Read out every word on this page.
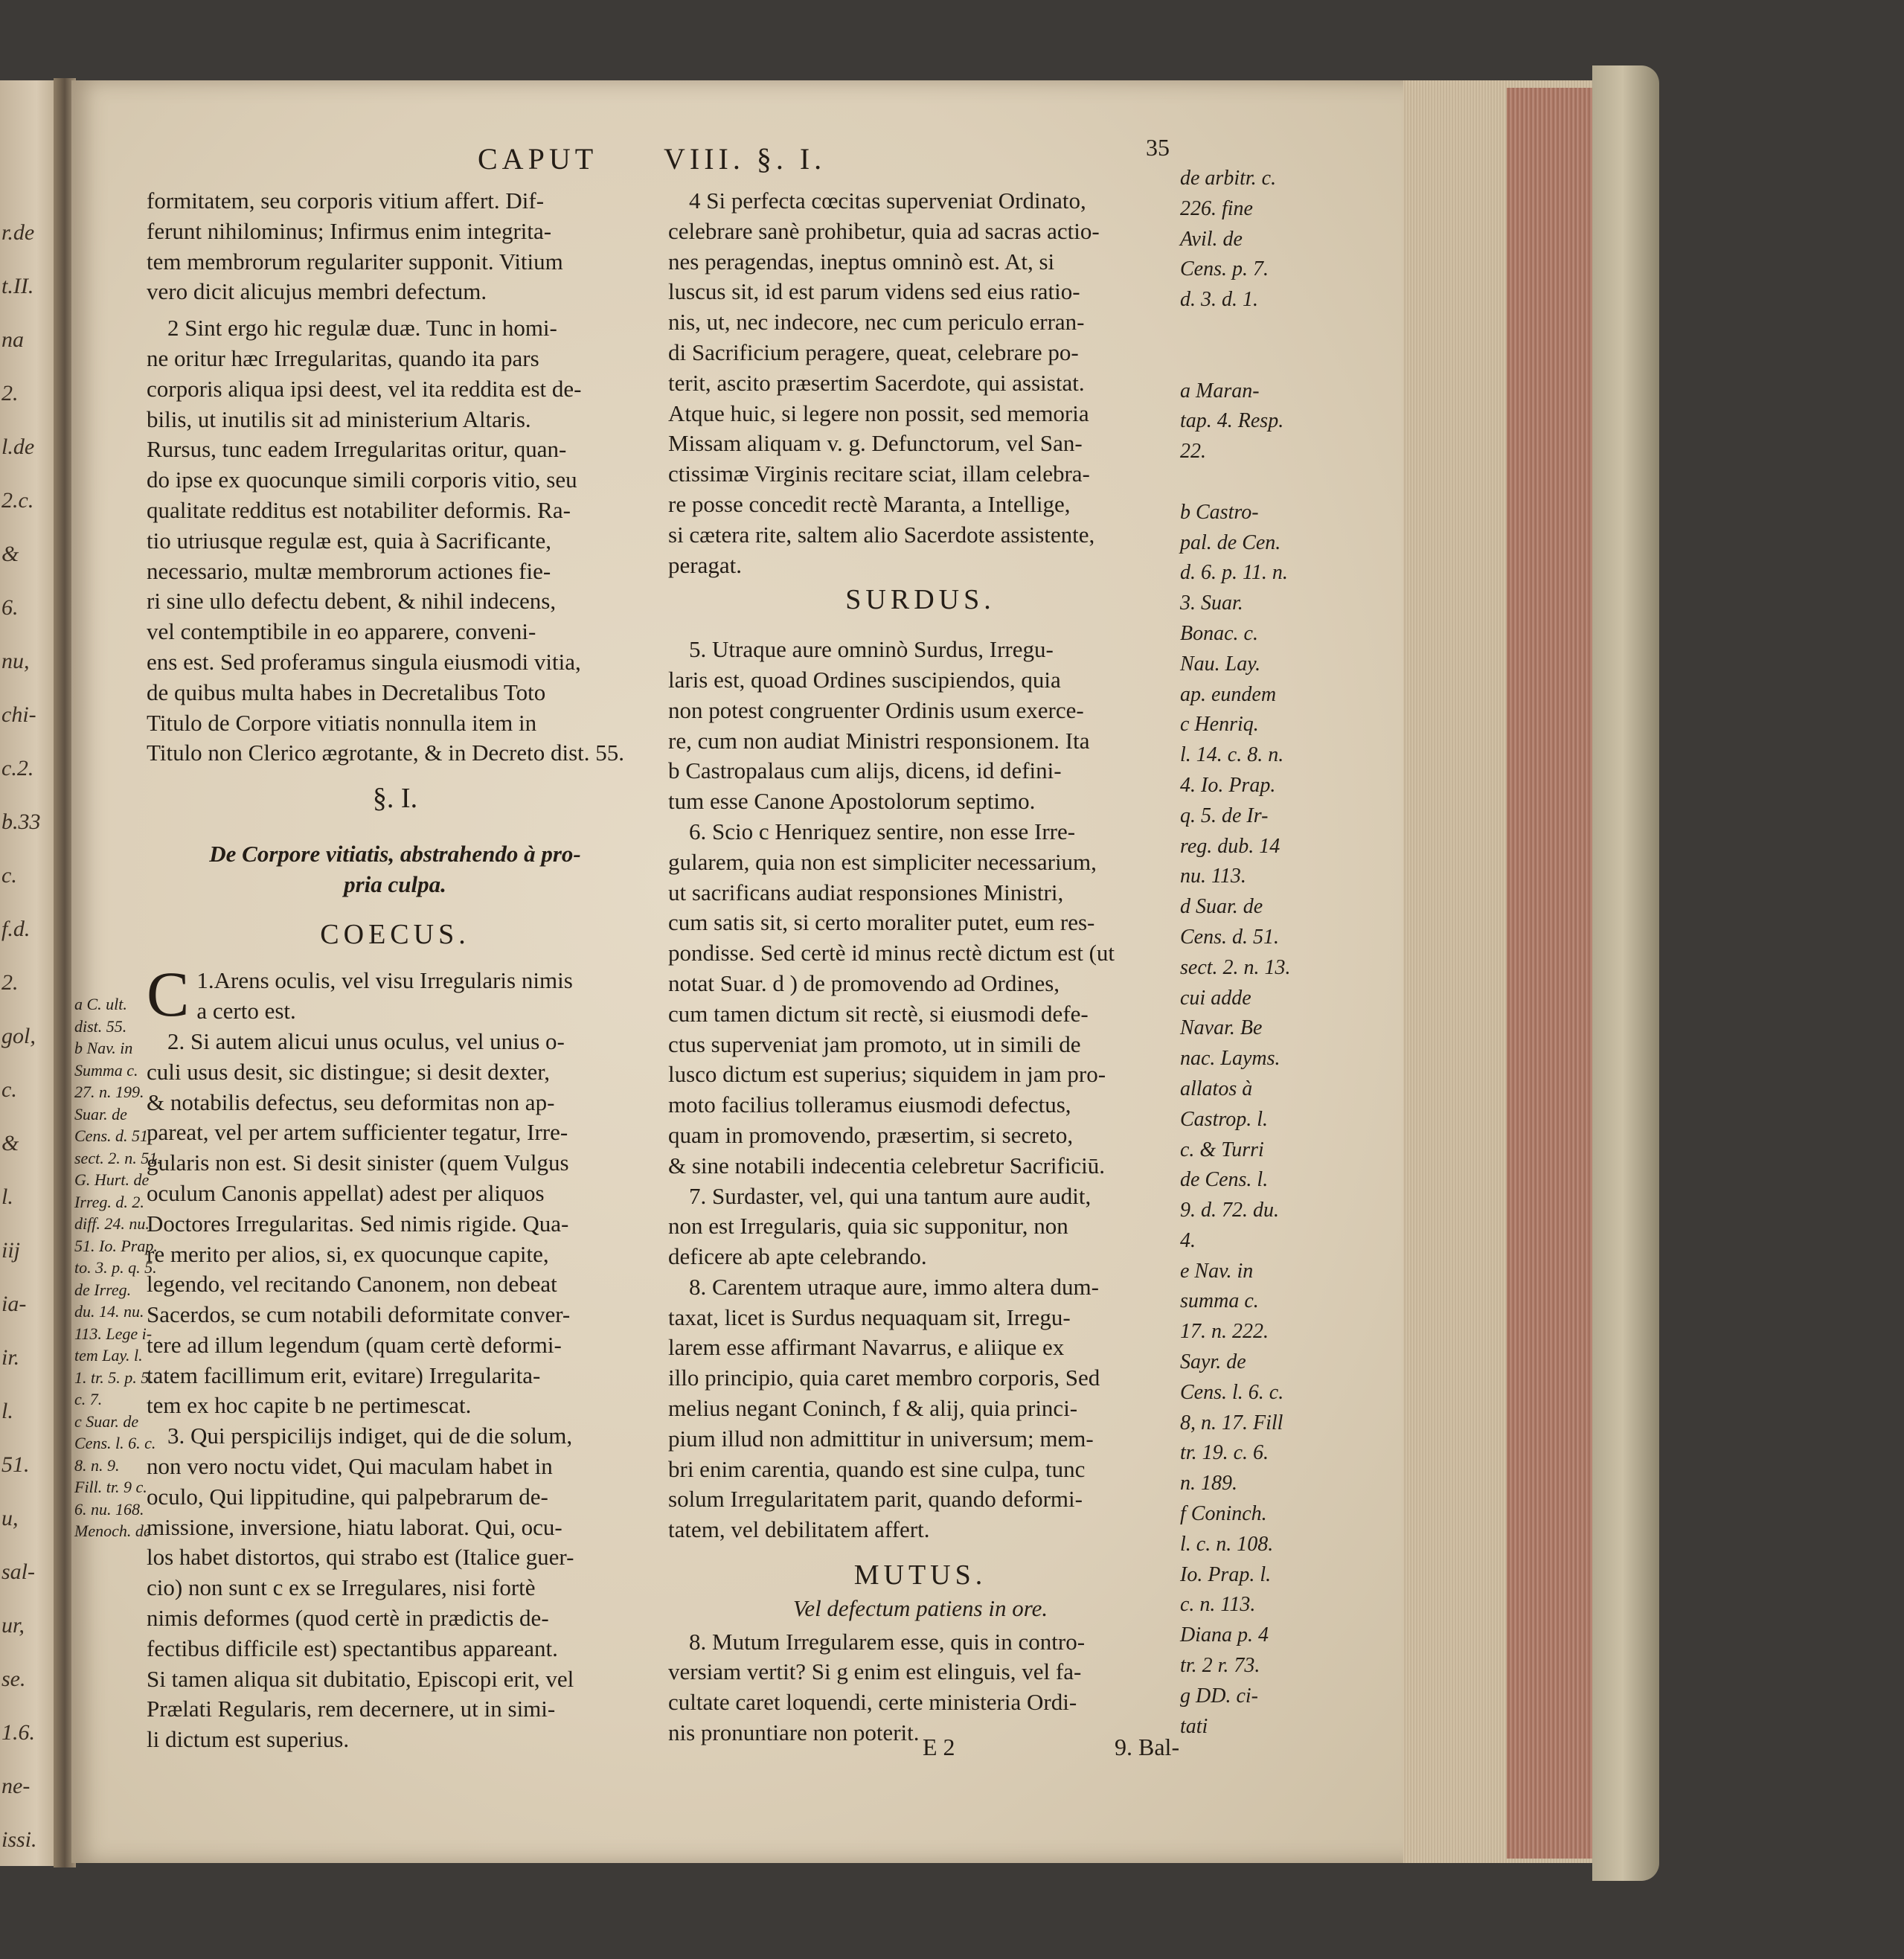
r.de
t.II.
na
2.
l.de
2.c.
&
6.
nu,
chi-
c.2.
b.33
c.
f.d.
2.
gol,
c.
&
l.
iij
ia-
ir.
l.
51.
u,
sal-
ur,
se.
1.6.
ne-
issi.
CAPUT VIII. §. I.	35

formitatem, seu corporis vitium affert. Dif-
ferunt nihilominus; Infirmus enim integrita-
tem membrorum regulariter supponit. Vitium
vero dicit alicujus membri defectum.

2 Sint ergo hic regulæ duæ. Tunc in homi-
ne oritur hæc Irregularitas, quando ita pars
corporis aliqua ipsi deest, vel ita reddita est de-
bilis, ut inutilis sit ad ministerium Altaris.
Rursus, tunc eadem Irregularitas oritur, quan-
do ipse ex quocunque simili corporis vitio, seu
qualitate redditus est notabiliter deformis. Ra-
tio utriusque regulæ est, quia à Sacrificante,
necessario, multæ membrorum actiones fie-
ri sine ullo defectu debent, & nihil indecens,
vel contemptibile in eo apparere, conveni-
ens est. Sed proferamus singula eiusmodi vitia,
de quibus multa habes in Decretalibus Toto
Titulo de Corpore vitiatis nonnulla item in
Titulo non Clerico ægrotante, & in Decreto dist. 55.

§. I.
De Corpore vitiatis, abstrahendo à pro-
pria culpa.
COECUS.

1.
C Arens oculis, vel visu Irregularis nimis
a certo est.

2. Si autem alicui unus oculus, vel unius o-
culi usus desit, sic distingue; si desit dexter,
& notabilis defectus, seu deformitas non ap-
pareat, vel per artem sufficienter tegatur, Irre-
gularis non est. Si desit sinister (quem Vulgus
oculum Canonis appellat) adest per aliquos
Doctores Irregularitas. Sed nimis rigide. Qua-
re merito per alios, si, ex quocunque capite,
legendo, vel recitando Canonem, non debeat
Sacerdos, se cum notabili deformitate conver-
tere ad illum legendum (quam certè deformi-
tatem facillimum erit, evitare) Irregularita-
tem ex hoc capite b ne pertimescat.

3. Qui perspicilijs indiget, qui de die solum,
non vero noctu videt, Qui maculam habet in
oculo, Qui lippitudine, qui palpebrarum de-
missione, inversione, hiatu laborat. Qui, ocu-
los habet distortos, qui strabo est (Italice guer-
cio) non sunt c ex se Irregulares, nisi fortè
nimis deformes (quod certè in prædictis de-
fectibus difficile est) spectantibus appareant.
Si tamen aliqua sit dubitatio, Episcopi erit, vel
Prælati Regularis, rem decernere, ut in simi-
li dictum est superius.

a C. ult.
dist. 55.
b Nav. in
Summa c.
27. n. 199.
Suar. de
Cens. d. 51.
sect. 2. n. 51.
G. Hurt. de
Irreg. d. 2.
diff. 24. nu.
51. Io. Prap.
to. 3. p. q. 5.
de Irreg.
du. 14. nu.
113. Lege i-
tem Lay. l.
1. tr. 5. p. 5.
c. 7.
c Suar. de
Cens. l. 6. c.
8. n. 9.
Fill. tr. 9 c.
6. nu. 168.
Menoch. de

4 Si perfecta cœcitas superveniat Ordinato,
celebrare sanè prohibetur, quia ad sacras actio-
nes peragendas, ineptus omninò est. At, si
luscus sit, id est parum videns sed eius ratio-
nis, ut, nec indecore, nec cum periculo erran-
di Sacrificium peragere, queat, celebrare po-
terit, ascito præsertim Sacerdote, qui assistat.
Atque huic, si legere non possit, sed memoria
Missam aliquam v. g. Defunctorum, vel San-
ctissimæ Virginis recitare sciat, illam celebra-
re posse concedit rectè Maranta, a Intellige,
si cætera rite, saltem alio Sacerdote assistente,
peragat.

SURDUS.

5. Utraque aure omninò Surdus, Irregu-
laris est, quoad Ordines suscipiendos, quia
non potest congruenter Ordinis usum exerce-
re, cum non audiat Ministri responsionem. Ita
b Castropalaus cum alijs, dicens, id defini-
tum esse Canone Apostolorum septimo.

6. Scio c Henriquez sentire, non esse Irre-
gularem, quia non est simpliciter necessarium,
ut sacrificans audiat responsiones Ministri,
cum satis sit, si certo moraliter putet, eum res-
pondisse. Sed certè id minus rectè dictum est (ut
notat Suar. d ) de promovendo ad Ordines,
cum tamen dictum sit rectè, si eiusmodi defe-
ctus superveniat jam promoto, ut in simili de
lusco dictum est superius; siquidem in jam pro-
moto facilius tolleramus eiusmodi defectus,
quam in promovendo, præsertim, si secreto,
& sine notabili indecentia celebretur Sacrificiū.

7. Surdaster, vel, qui una tantum aure audit,
non est Irregularis, quia sic supponitur, non
deficere ab apte celebrando.

8. Carentem utraque aure, immo altera dum-
taxat, licet is Surdus nequaquam sit, Irregu-
larem esse affirmant Navarrus, e aliique ex
illo principio, quia caret membro corporis, Sed
melius negant Coninch, f & alij, quia princi-
pium illud non admittitur in universum; mem-
bri enim carentia, quando est sine culpa, tunc
solum Irregularitatem parit, quando deformi-
tatem, vel debilitatem affert.

MUTUS.
Vel defectum patiens in ore.

8. Mutum Irregularem esse, quis in contro-
versiam vertit? Si g enim est elinguis, vel fa-
cultate caret loquendi, certe ministeria Ordi-
nis pronuntiare non poterit.

de arbitr. c.
226. fine
Avil. de
Cens. p. 7.
d. 3. d. 1.
a Maran-
tap. 4. Resp.
22.
b Castro-
pal. de Cen.
d. 6. p. 11. n.
3. Suar.
Bonac. c.
Nau. Lay.
ap. eundem
c Henriq.
l. 14. c. 8. n.
4. Io. Prap.
q. 5. de Ir-
reg. dub. 14
nu. 113.
d Suar. de
Cens. d. 51.
sect. 2. n. 13.
cui adde
Navar. Be
nac. Layms.
allatos à
Castrop. l.
c. & Turri
de Cens. l.
9. d. 72. du.
4.
e Nav. in
summa c.
17. n. 222.
Sayr. de
Cens. l. 6. c.
8, n. 17. Fill
tr. 19. c. 6.
n. 189.
f Coninch.
l. c. n. 108.
Io. Prap. l.
c. n. 113.
Diana p. 4
tr. 2 r. 73.
g DD. ci-
tati
E 2	9. Bal-
